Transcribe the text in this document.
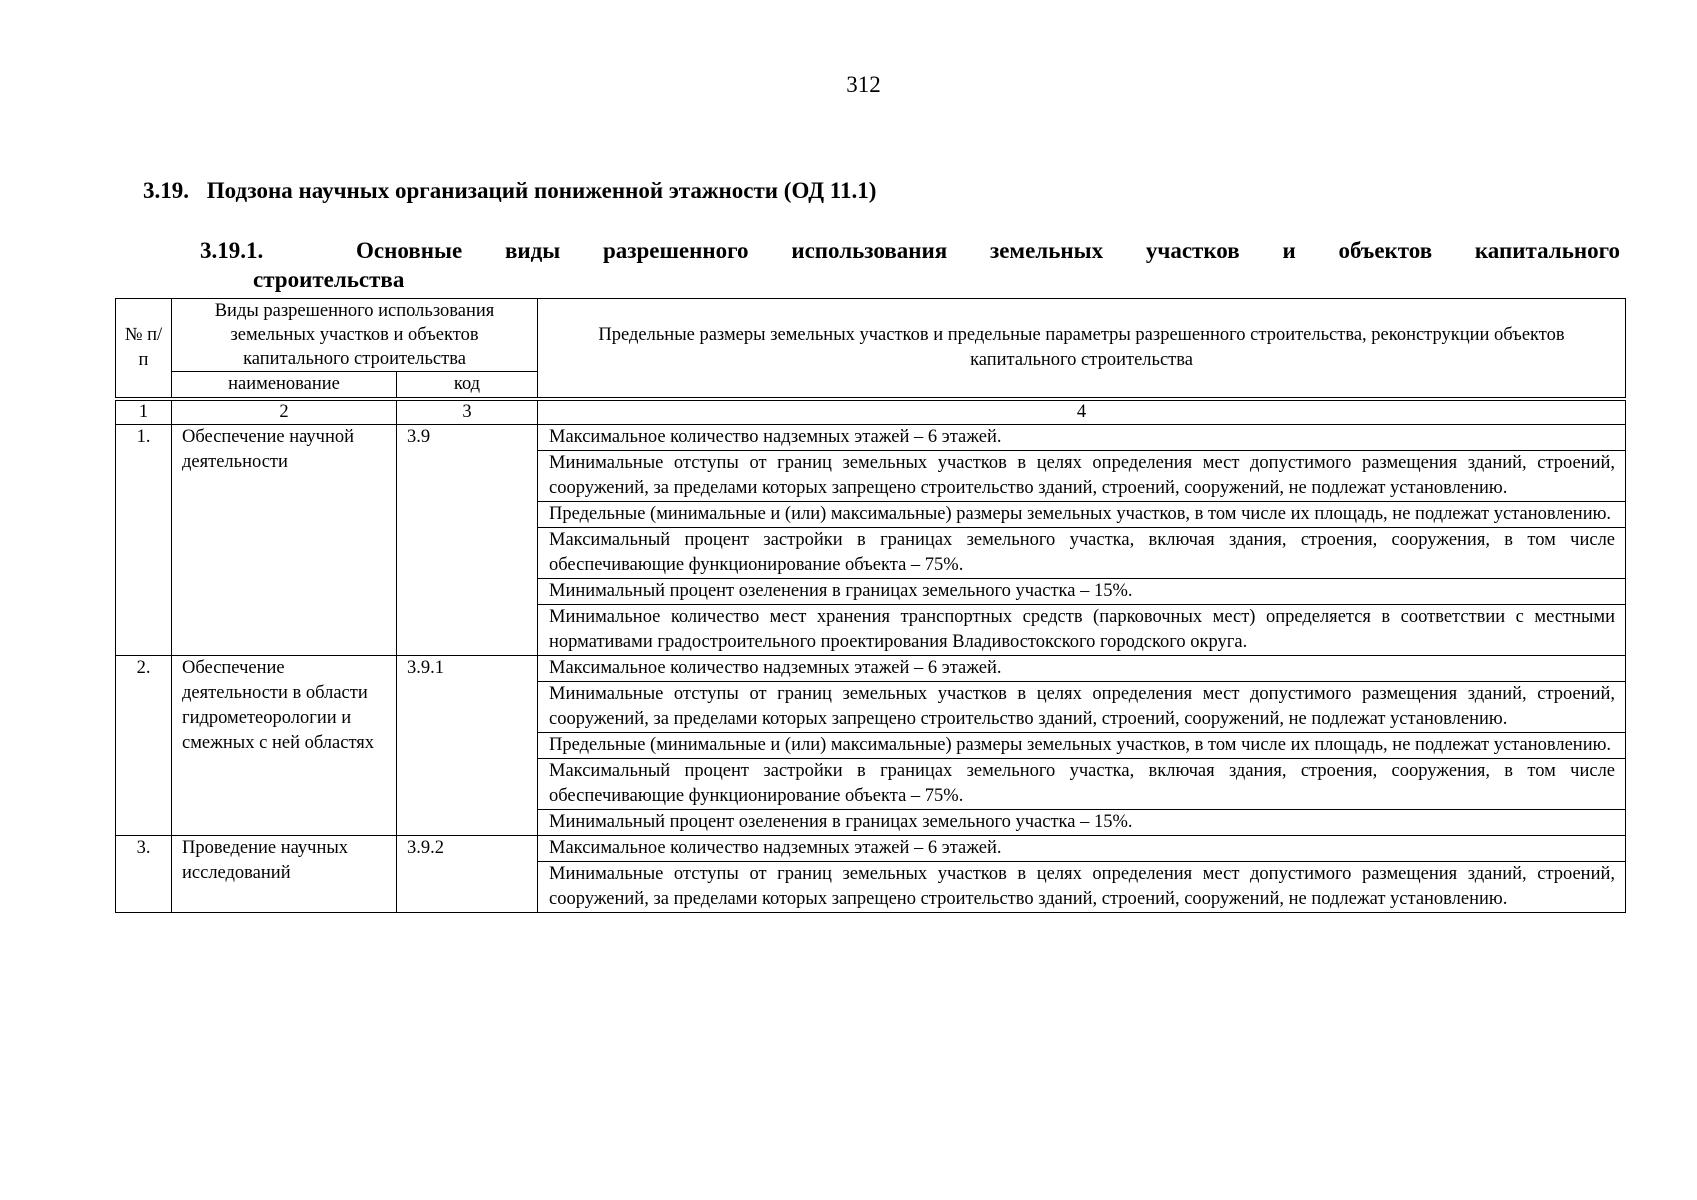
312
3.19. Подзона научных организаций пониженной этажности (ОД 11.1)
3.19.1.	Основные виды разрешенного использования земельных участков и объектов капитального
строительства
№ п/п	Виды разрешенного использования земельных участков и объектов капитального строительства		Предельные размеры земельных участков и предельные параметры разрешенного строительства, реконструкции объектов капитального строительства
	наименование	код	

1	2	3	4
1.	Обеспечение научной деятельности	3.9	Максимальное количество надземных этажей – 6 этажей.
			Минимальные отступы от границ земельных участков в целях определения мест допустимого размещения зданий, строений, сооружений, за пределами которых запрещено строительство зданий, строений, сооружений, не подлежат установлению.
			Предельные (минимальные и (или) максимальные) размеры земельных участков, в том числе их площадь, не подлежат установлению.
			Максимальный процент застройки в границах земельного участка, включая здания, строения, сооружения, в том числе обеспечивающие функционирование объекта – 75%.
			Минимальный процент озеленения в границах земельного участка – 15%.
			Минимальное количество мест хранения транспортных средств (парковочных мест) определяется в соответствии с местными нормативами градостроительного проектирования Владивостокского городского округа.
2.	Обеспечение деятельности в области гидрометеорологии и смежных с ней областях	3.9.1	Максимальное количество надземных этажей – 6 этажей.
			Минимальные отступы от границ земельных участков в целях определения мест допустимого размещения зданий, строений, сооружений, за пределами которых запрещено строительство зданий, строений, сооружений, не подлежат установлению.
			Предельные (минимальные и (или) максимальные) размеры земельных участков, в том числе их площадь, не подлежат установлению.
			Максимальный процент застройки в границах земельного участка, включая здания, строения, сооружения, в том числе обеспечивающие функционирование объекта – 75%.
			Минимальный процент озеленения в границах земельного участка – 15%.
3.	Проведение научных исследований	3.9.2	Максимальное количество надземных этажей – 6 этажей.
			Минимальные отступы от границ земельных участков в целях определения мест допустимого размещения зданий, строений, сооружений, за пределами которых запрещено строительство зданий, строений, сооружений, не подлежат установлению.
